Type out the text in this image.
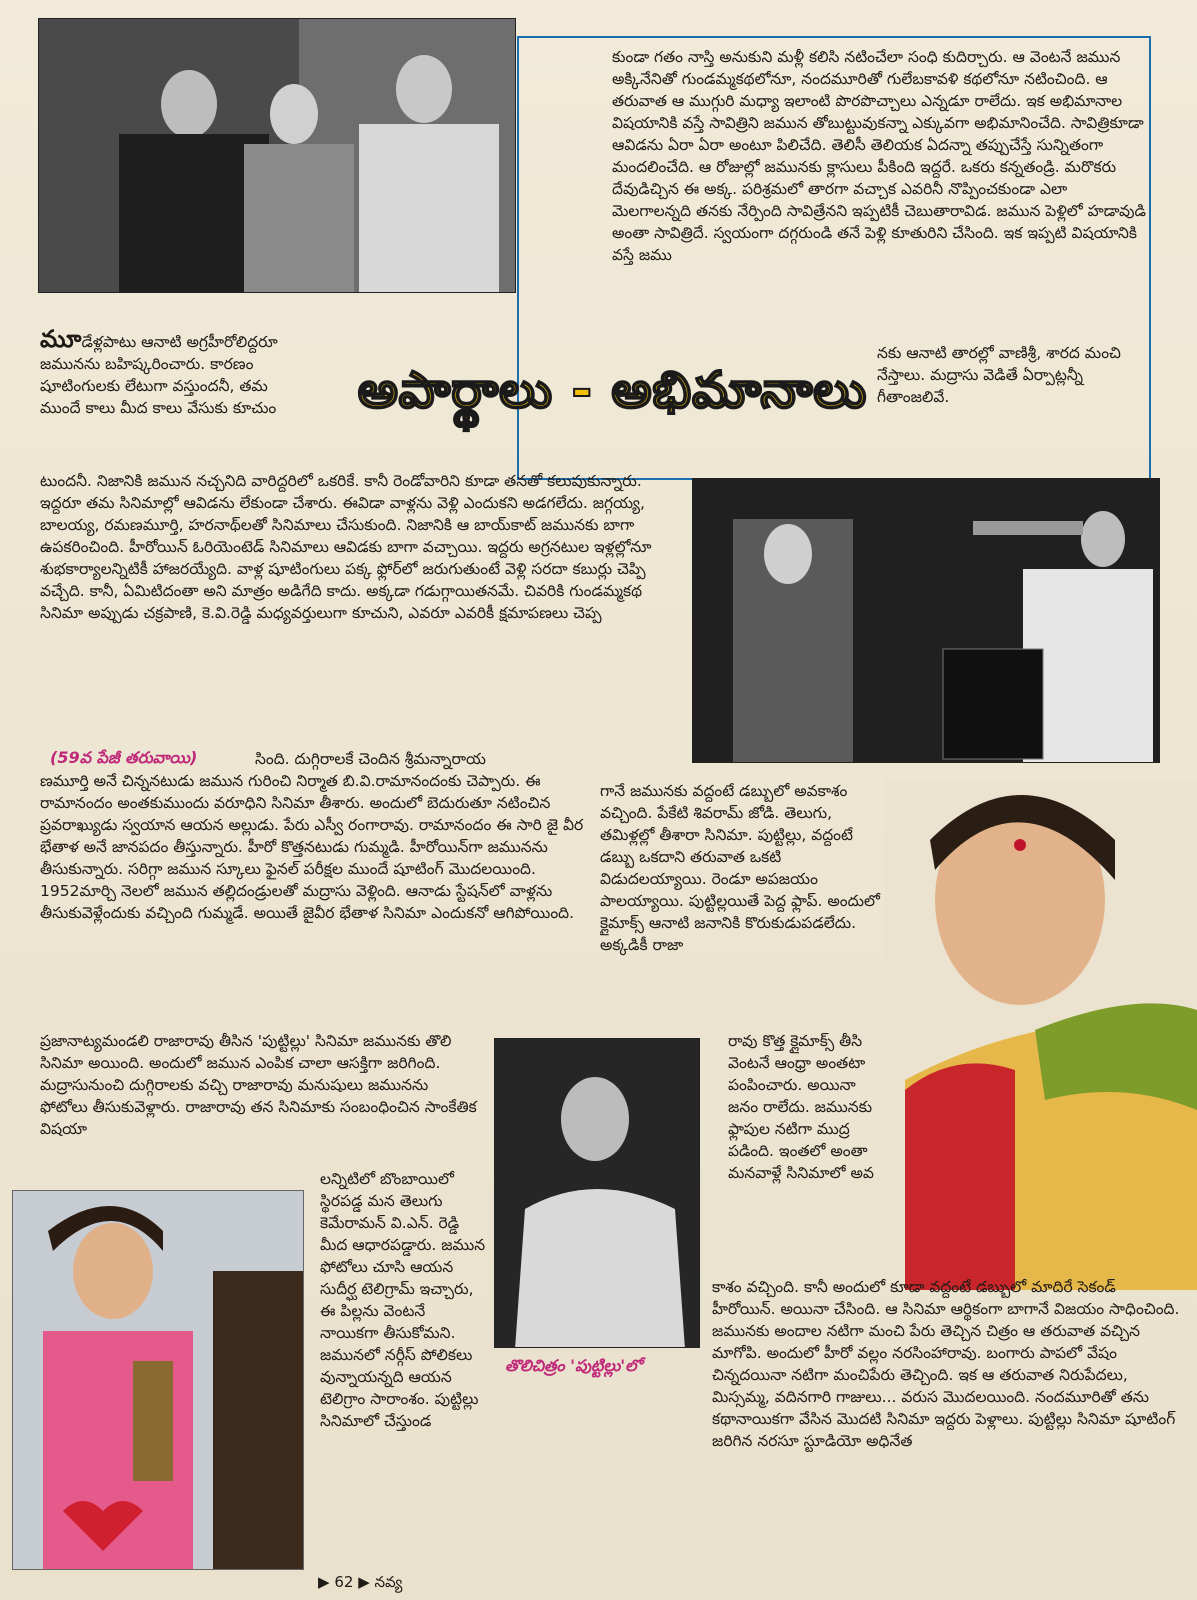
అపార్థాలు - అభిమానాలు

కుండా గతం నాస్తి అనుకుని మళ్లీ కలిసి నటించేలా సంధి కుదిర్చారు. ఆ వెంటనే జమున అక్కినేనితో గుండమ్మకథలోనూ, నందమూరితో గులేబకావళి కథలోనూ నటించింది. ఆ తరువాత ఆ ముగ్గురి మధ్యా ఇలాంటి పొరపొచ్చాలు ఎన్నడూ రాలేదు. ఇక అభిమానాల విషయానికి వస్తే సావిత్రిని జమున తోబుట్టువుకన్నా ఎక్కువగా అభిమానించేది. సావిత్రికూడా ఆవిడను ఏరా ఏరా అంటూ పిలిచేది. తెలిసీ తెలియక ఏదన్నా తప్పుచేస్తే సున్నితంగా మందలించేది. ఆ రోజుల్లో జమునకు క్లాసులు పీకింది ఇద్దరే. ఒకరు కన్నతండ్రి. మరొకరు దేవుడిచ్చిన ఈ అక్క. పరిశ్రమలో తారగా వచ్చాక ఎవరినీ నొప్పించకుండా ఎలా మెలగాలన్నది తనకు నేర్పింది సావిత్రేనని ఇప్పటికీ చెబుతారావిడ. జమున పెళ్లిలో హడావుడి అంతా సావిత్రిదే. స్వయంగా దగ్గరుండి తనే పెళ్లి కూతురిని చేసింది. ఇక ఇప్పటి విషయానికి వస్తే జము

నకు ఆనాటి తారల్లో వాణిశ్రీ, శారద మంచి నేస్తాలు. మద్రాసు వెడితే ఏర్పాట్లన్నీ గీతాంజలివే.

మూడేళ్లపాటు ఆనాటి అగ్రహీరోలిద్దరూ జమునను బహిష్కరించారు. కారణం షూటింగులకు లేటుగా వస్తుందనీ, తమ ముందే కాలు మీద కాలు వేసుకు కూచుం

టుందనీ. నిజానికి జమున నచ్చనిది వారిద్దరిలో ఒకరికే. కానీ రెండోవారిని కూడా తనతో కలుపుకున్నారు. ఇద్దరూ తమ సినిమాల్లో ఆవిడను లేకుండా చేశారు. ఈవిడా వాళ్లను వెళ్లి ఎందుకని అడగలేదు. జగ్గయ్య, బాలయ్య, రమణమూర్తి, హరనాథ్‌లతో సినిమాలు చేసుకుంది. నిజానికి ఆ బాయ్‌కాట్ జమునకు బాగా ఉపకరించింది. హీరోయిన్ ఓరియెంటెడ్ సినిమాలు ఆవిడకు బాగా వచ్చాయి. ఇద్దరు అగ్రనటుల ఇళ్లల్లోనూ శుభకార్యాలన్నిటికీ హాజరయ్యేది. వాళ్ల షూటింగులు పక్క ఫ్లోర్‌లో జరుగుతుంటే వెళ్లి సరదా కబుర్లు చెప్పి వచ్చేది. కానీ, ఏమిటిదంతా అని మాత్రం అడిగేది కాదు. అక్కడా గడుగ్గాయితనమే. చివరికి గుండమ్మకథ సినిమా అప్పుడు చక్రపాణి, కె.వి.రెడ్డి మధ్యవర్తులుగా కూచుని, ఎవరూ ఎవరికీ క్షమాపణలు చెప్ప

(59వ పేజీ తరువాయి)	సింది. దుగ్గిరాలకే చెందిన శ్రీమన్నారాయ

ణమూర్తి అనే చిన్ననటుడు జమున గురించి నిర్మాత బి.వి.రామానందంకు చెప్పారు. ఈ రామానందం అంతకుముందు వరూధిని సినిమా తీశారు. అందులో బెదురుతూ నటించిన ప్రవరాఖ్యుడు స్వయాన ఆయన అల్లుడు. పేరు ఎస్వీ రంగారావు. రామానందం ఈ సారి జై వీర భేతాళ అనే జానపదం తీస్తున్నారు. హీరో కొత్తనటుడు గుమ్మడి. హీరోయిన్‌గా జమునను తీసుకున్నారు. సరిగ్గా జమున స్కూలు ఫైనల్ పరీక్షల ముందే షూటింగ్ మొదలయింది. 1952మార్చి నెలలో జమున తల్లిదండ్రులతో మద్రాసు వెళ్లింది. ఆనాడు స్టేషన్‌లో వాళ్లను తీసుకువెళ్లేందుకు వచ్చింది గుమ్మడే. అయితే జైవీర భేతాళ సినిమా ఎందుకనో ఆగిపోయింది.

ప్రజానాట్యమండలి రాజారావు తీసిన 'పుట్టిల్లు' సినిమా జమునకు తొలి సినిమా అయింది. అందులో జమున ఎంపిక చాలా ఆసక్తిగా జరిగింది. మద్రాసునుంచి దుగ్గిరాలకు వచ్చి రాజారావు మనుషులు జమునను ఫోటోలు తీసుకువెళ్లారు. రాజారావు తన సినిమాకు సంబంధించిన సాంకేతిక విషయా

లన్నిటిలో బొంబాయిలో స్థిరపడ్డ మన తెలుగు కెమేరామన్ వి.ఎన్. రెడ్డి మీద ఆధారపడ్డారు. జమున ఫోటోలు చూసి ఆయన సుదీర్ఘ టెలిగ్రామ్ ఇచ్చారు, ఈ పిల్లను వెంటనే నాయికగా తీసుకోమని. జమునలో నర్గీస్ పోలికలు వున్నాయన్నది ఆయన టెలిగ్రాం సారాంశం. పుట్టిల్లు సినిమాలో చేస్తుండ

గానే జమునకు వద్దంటే డబ్బులో అవకాశం వచ్చింది. పేకేటి శివరామ్ జోడి. తెలుగు, తమిళ్లల్లో తీశారా సినిమా. పుట్టిల్లు, వద్దంటే డబ్బు ఒకదాని తరువాత ఒకటి విడుదలయ్యాయి. రెండూ అపజయం పాలయ్యాయి. పుట్టిల్లయితే పెద్ద ఫ్లాప్. అందులో క్లైమాక్స్ ఆనాటి జనానికి కొరుకుడుపడలేదు. అక్కడికీ రాజా

రావు కొత్త క్లైమాక్స్ తీసి వెంటనే ఆంధ్రా అంతటా పంపించారు. అయినా జనం రాలేదు. జమునకు ఫ్లాపుల నటిగా ముద్ర పడింది. ఇంతలో అంతా మనవాళ్లే సినిమాలో అవ

తొలిచిత్రం 'పుట్టిల్లు'లో

కాశం వచ్చింది. కానీ అందులో కూడా వద్దంటే డబ్బులో మాదిరే సెకండ్ హీరోయిన్. అయినా చేసింది. ఆ సినిమా ఆర్థికంగా బాగానే విజయం సాధించింది. జమునకు అందాల నటిగా మంచి పేరు తెచ్చిన చిత్రం ఆ తరువాత వచ్చిన మాగోపి. అందులో హీరో వల్లం నరసింహారావు. బంగారు పాపలో వేషం చిన్నదయినా నటిగా మంచిపేరు తెచ్చింది. ఇక ఆ తరువాత నిరుపేదలు, మిస్సమ్మ, వదినగారి గాజులు... వరుస మొదలయింది. నందమూరితో తను కథానాయికగా వేసిన మొదటి సినిమా ఇద్దరు పెళ్లాలు. పుట్టిల్లు సినిమా షూటింగ్ జరిగిన నరసూ స్టూడియో అధినేత

▶ 62 ▶ నవ్య
